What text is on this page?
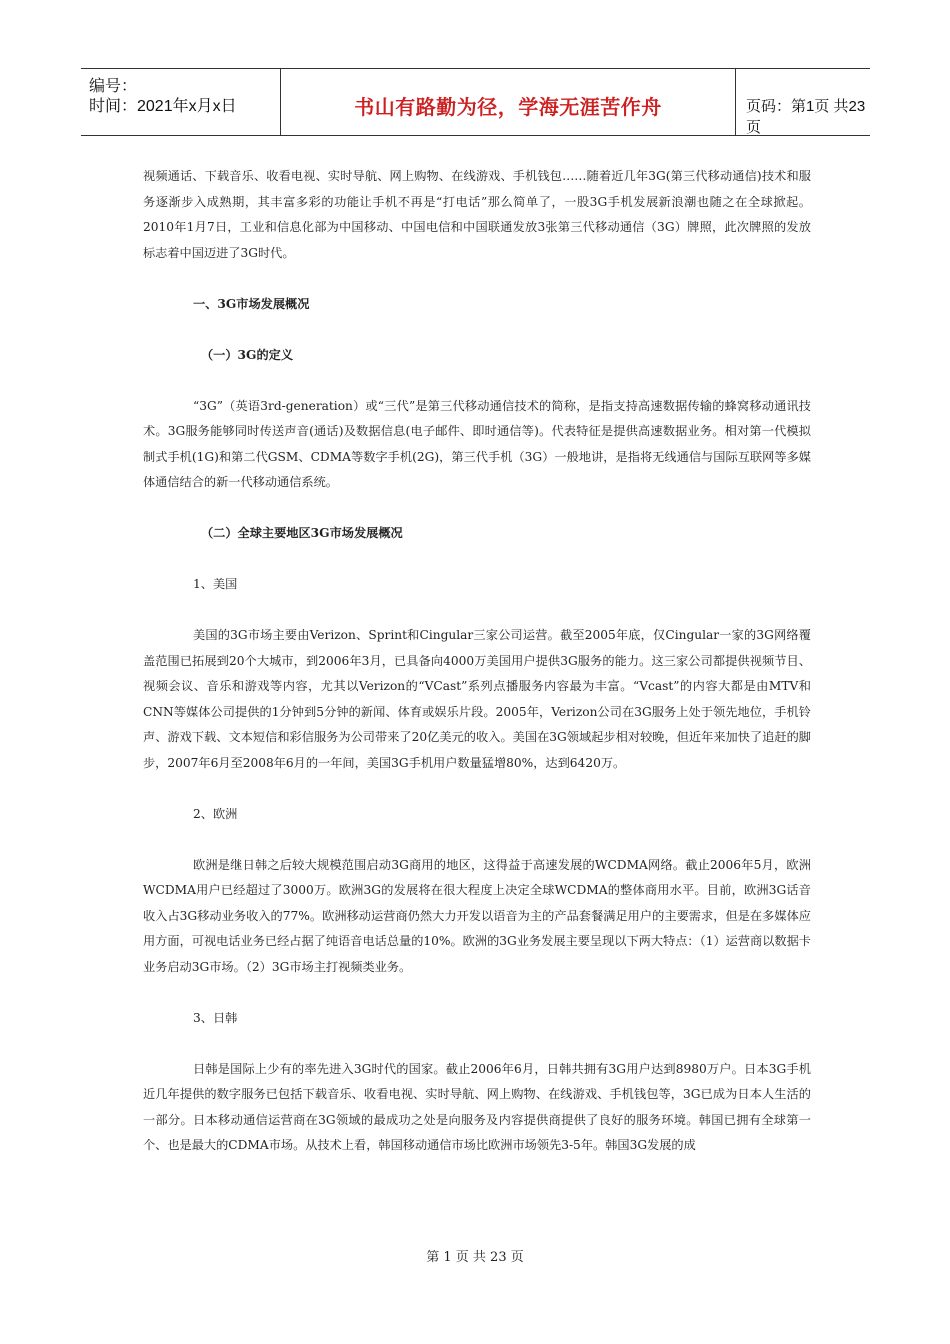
编号：
时间：2021年x月x日	书山有路勤为径，学海无涯苦作舟	页码：第1页 共23页

视频通话、下载音乐、收看电视、实时导航、网上购物、在线游戏、手机钱包……随着近几年3G(第三代移动通信)技术和服务逐渐步入成熟期，其丰富多彩的功能让手机不再是“打电话”那么简单了，一股3G手机发展新浪潮也随之在全球掀起。2010年1月7日，工业和信息化部为中国移动、中国电信和中国联通发放3张第三代移动通信（3G）牌照，此次牌照的发放标志着中国迈进了3G时代。

一、3G市场发展概况

（一）3G的定义

“3G”（英语3rd-generation）或“三代”是第三代移动通信技术的简称，是指支持高速数据传输的蜂窝移动通讯技术。3G服务能够同时传送声音(通话)及数据信息(电子邮件、即时通信等)。代表特征是提供高速数据业务。相对第一代模拟制式手机(1G)和第二代GSM、CDMA等数字手机(2G)，第三代手机（3G）一般地讲，是指将无线通信与国际互联网等多媒体通信结合的新一代移动通信系统。

（二）全球主要地区3G市场发展概况

1、美国

美国的3G市场主要由Verizon、Sprint和Cingular三家公司运营。截至2005年底，仅Cingular一家的3G网络覆盖范围已拓展到20个大城市，到2006年3月，已具备向4000万美国用户提供3G服务的能力。这三家公司都提供视频节目、视频会议、音乐和游戏等内容，尤其以Verizon的“VCast”系列点播服务内容最为丰富。“Vcast”的内容大都是由MTV和CNN等媒体公司提供的1分钟到5分钟的新闻、体育或娱乐片段。2005年，Verizon公司在3G服务上处于领先地位，手机铃声、游戏下载、文本短信和彩信服务为公司带来了20亿美元的收入。美国在3G领域起步相对较晚，但近年来加快了追赶的脚步，2007年6月至2008年6月的一年间，美国3G手机用户数量猛增80%，达到6420万。

2、欧洲

欧洲是继日韩之后较大规模范围启动3G商用的地区，这得益于高速发展的WCDMA网络。截止2006年5月，欧洲WCDMA用户已经超过了3000万。欧洲3G的发展将在很大程度上决定全球WCDMA的整体商用水平。目前，欧洲3G话音收入占3G移动业务收入的77%。欧洲移动运营商仍然大力开发以语音为主的产品套餐满足用户的主要需求，但是在多媒体应用方面，可视电话业务已经占据了纯语音电话总量的10%。欧洲的3G业务发展主要呈现以下两大特点：（1）运营商以数据卡业务启动3G市场。（2）3G市场主打视频类业务。

3、日韩

日韩是国际上少有的率先进入3G时代的国家。截止2006年6月，日韩共拥有3G用户达到8980万户。日本3G手机近几年提供的数字服务已包括下载音乐、收看电视、实时导航、网上购物、在线游戏、手机钱包等，3G已成为日本人生活的一部分。日本移动通信运营商在3G领域的最成功之处是向服务及内容提供商提供了良好的服务环境。韩国已拥有全球第一个、也是最大的CDMA市场。从技术上看，韩国移动通信市场比欧洲市场领先3-5年。韩国3G发展的成

第 1 页 共 23 页
